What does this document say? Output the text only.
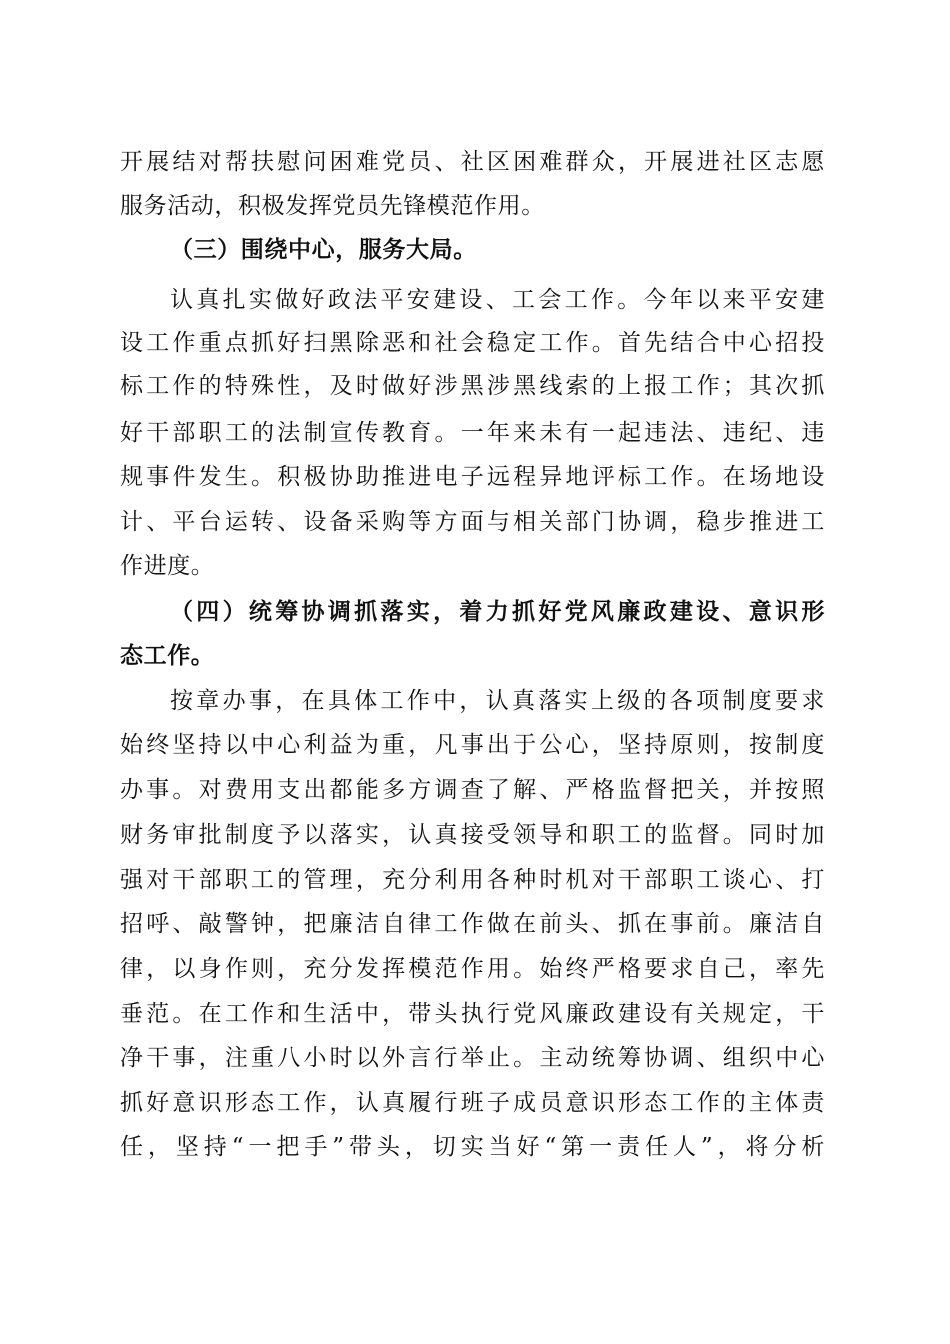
开展结对帮扶慰问困难党员、社区困难群众，开展进社区志愿
服务活动，积极发挥党员先锋模范作用。
（三）围绕中心，服务大局。
认真扎实做好政法平安建设、工会工作。今年以来平安建
设工作重点抓好扫黑除恶和社会稳定工作。首先结合中心招投
标工作的特殊性，及时做好涉黑涉黑线索的上报工作；其次抓
好干部职工的法制宣传教育。一年来未有一起违法、违纪、违
规事件发生。积极协助推进电子远程异地评标工作。在场地设
计、平台运转、设备采购等方面与相关部门协调，稳步推进工
作进度。
（四）统筹协调抓落实，着力抓好党风廉政建设、意识形
态工作。
按章办事，在具体工作中，认真落实上级的各项制度要求
始终坚持以中心利益为重，凡事出于公心，坚持原则，按制度
办事。对费用支出都能多方调查了解、严格监督把关，并按照
财务审批制度予以落实，认真接受领导和职工的监督。同时加
强对干部职工的管理，充分利用各种时机对干部职工谈心、打
招呼、敲警钟，把廉洁自律工作做在前头、抓在事前。廉洁自
律，以身作则，充分发挥模范作用。始终严格要求自己，率先
垂范。在工作和生活中，带头执行党风廉政建设有关规定，干
净干事，注重八小时以外言行举止。主动统筹协调、组织中心
抓好意识形态工作，认真履行班子成员意识形态工作的主体责
任，坚持“一把手”带头，切实当好“第一责任人”，将分析
